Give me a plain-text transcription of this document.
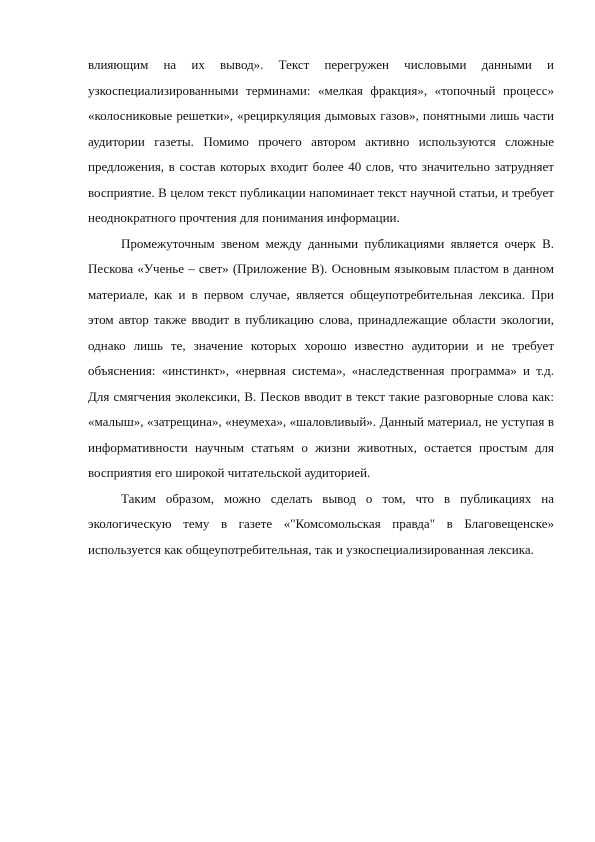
влияющим на их вывод». Текст перегружен числовыми данными и узкоспециализированными терминами: «мелкая фракция», «топочный процесс» «колосниковые решетки», «рециркуляция дымовых газов», понятными лишь части аудитории газеты. Помимо прочего автором активно используются сложные предложения, в состав которых входит более 40 слов, что значительно затрудняет восприятие. В целом текст публикации напоминает текст научной статьи, и требует неоднократного прочтения для понимания информации.

Промежуточным звеном между данными публикациями является очерк В. Пескова «Ученье – свет» (Приложение В). Основным языковым пластом в данном материале, как и в первом случае, является общеупотребительная лексика. При этом автор также вводит в публикацию слова, принадлежащие области экологии, однако лишь те, значение которых хорошо известно аудитории и не требует объяснения: «инстинкт», «нервная система», «наследственная программа» и т.д. Для смягчения эколексики, В. Песков вводит в текст такие разговорные слова как: «малыш», «затрещина», «неумеха», «шаловливый». Данный материал, не уступая в информативности научным статьям о жизни животных, остается простым для восприятия его широкой читательской аудиторией.

Таким образом, можно сделать вывод о том, что в публикациях на экологическую тему в газете «"Комсомольская правда" в Благовещенске» используется как общеупотребительная, так и узкоспециализированная лексика.
